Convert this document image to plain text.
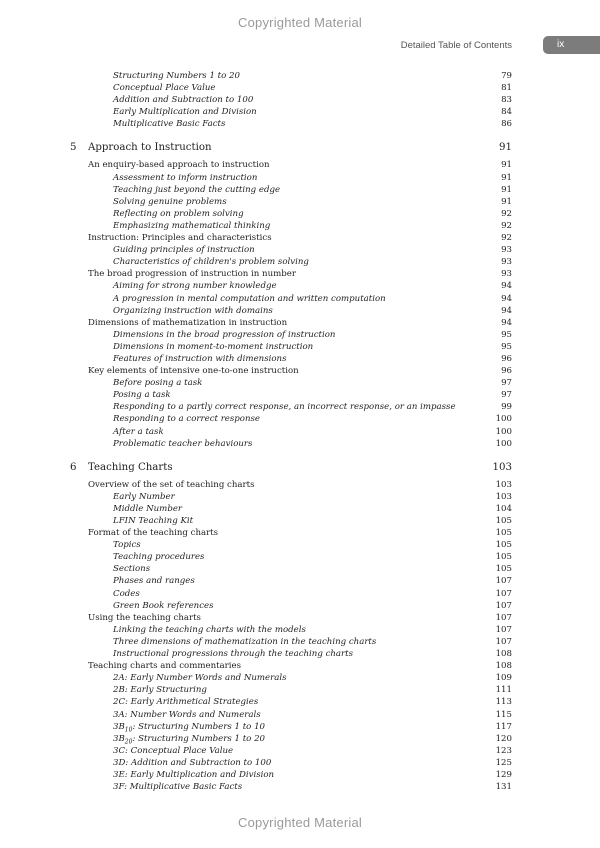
Copyrighted Material
Detailed Table of Contents	ix
Structuring Numbers 1 to 20	79
Conceptual Place Value	81
Addition and Subtraction to 100	83
Early Multiplication and Division	84
Multiplicative Basic Facts	86
5 Approach to Instruction	91
An enquiry-based approach to instruction	91
Assessment to inform instruction	91
Teaching just beyond the cutting edge	91
Solving genuine problems	91
Reflecting on problem solving	92
Emphasizing mathematical thinking	92
Instruction: Principles and characteristics	92
Guiding principles of instruction	93
Characteristics of children's problem solving	93
The broad progression of instruction in number	93
Aiming for strong number knowledge	94
A progression in mental computation and written computation	94
Organizing instruction with domains	94
Dimensions of mathematization in instruction	94
Dimensions in the broad progression of instruction	95
Dimensions in moment-to-moment instruction	95
Features of instruction with dimensions	96
Key elements of intensive one-to-one instruction	96
Before posing a task	97
Posing a task	97
Responding to a partly correct response, an incorrect response, or an impasse	99
Responding to a correct response	100
After a task	100
Problematic teacher behaviours	100
6 Teaching Charts	103
Overview of the set of teaching charts	103
Early Number	103
Middle Number	104
LFIN Teaching Kit	105
Format of the teaching charts	105
Topics	105
Teaching procedures	105
Sections	105
Phases and ranges	107
Codes	107
Green Book references	107
Using the teaching charts	107
Linking the teaching charts with the models	107
Three dimensions of mathematization in the teaching charts	107
Instructional progressions through the teaching charts	108
Teaching charts and commentaries	108
2A: Early Number Words and Numerals	109
2B: Early Structuring	111
2C: Early Arithmetical Strategies	113
3A: Number Words and Numerals	115
$3B_{10}$: Structuring Numbers 1 to 10	117
$3B_{20}$: Structuring Numbers 1 to 20	120
3C: Conceptual Place Value	123
3D: Addition and Subtraction to 100	125
3E: Early Multiplication and Division	129
3F: Multiplicative Basic Facts	131
Copyrighted Material
